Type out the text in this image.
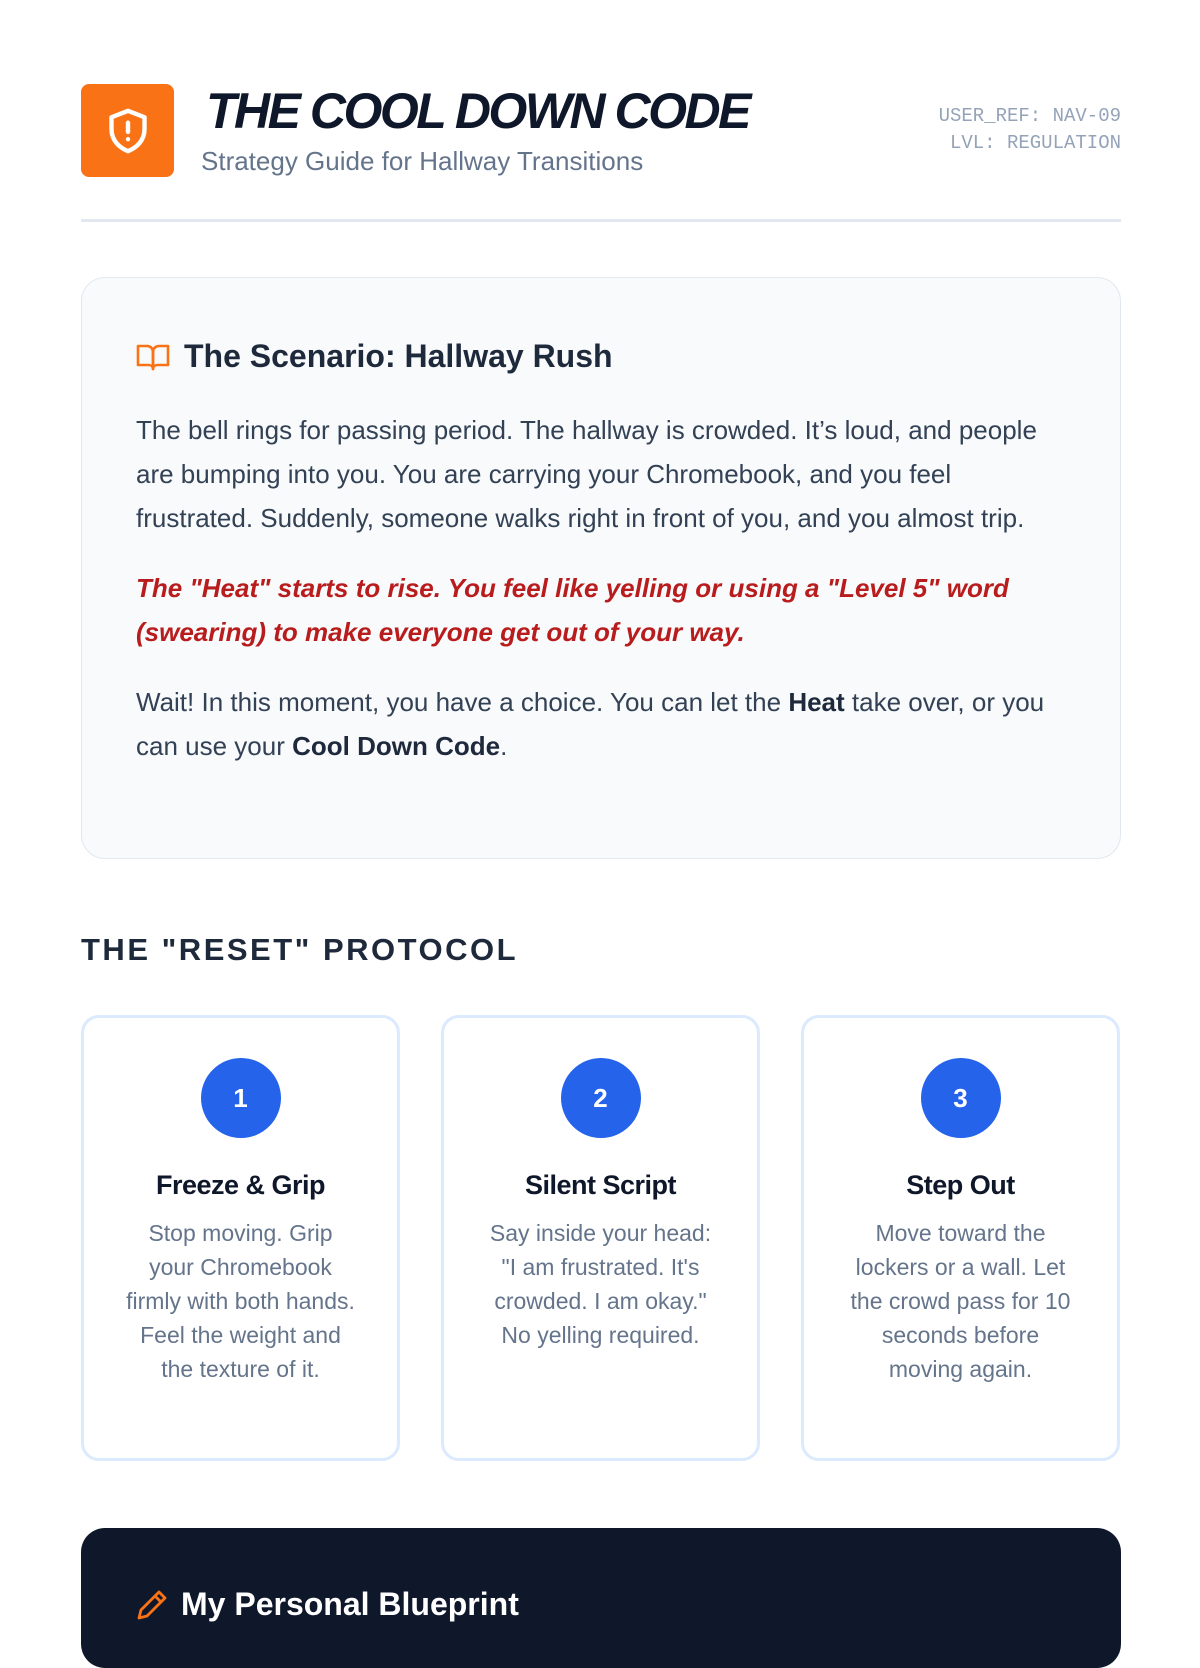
THE COOL DOWN CODE
Strategy Guide for Hallway Transitions
USER_REF: NAV-09
LVL: REGULATION
The Scenario: Hallway Rush

The bell rings for passing period. The hallway is crowded. It’s loud, and people are bumping into you. You are carrying your Chromebook, and you feel frustrated. Suddenly, someone walks right in front of you, and you almost trip.

The "Heat" starts to rise. You feel like yelling or using a "Level 5" word (swearing) to make everyone get out of your way.

Wait! In this moment, you have a choice. You can let the Heat take over, or you can use your Cool Down Code.

THE "RESET" PROTOCOL
1
Freeze & Grip

Stop moving. Grip your Chromebook firmly with both hands. Feel the weight and the texture of it.

2
Silent Script

Say inside your head: "I am frustrated. It's crowded. I am okay." No yelling required.

3
Step Out

Move toward the lockers or a wall. Let the crowd pass for 10 seconds before moving again.

My Personal Blueprint
